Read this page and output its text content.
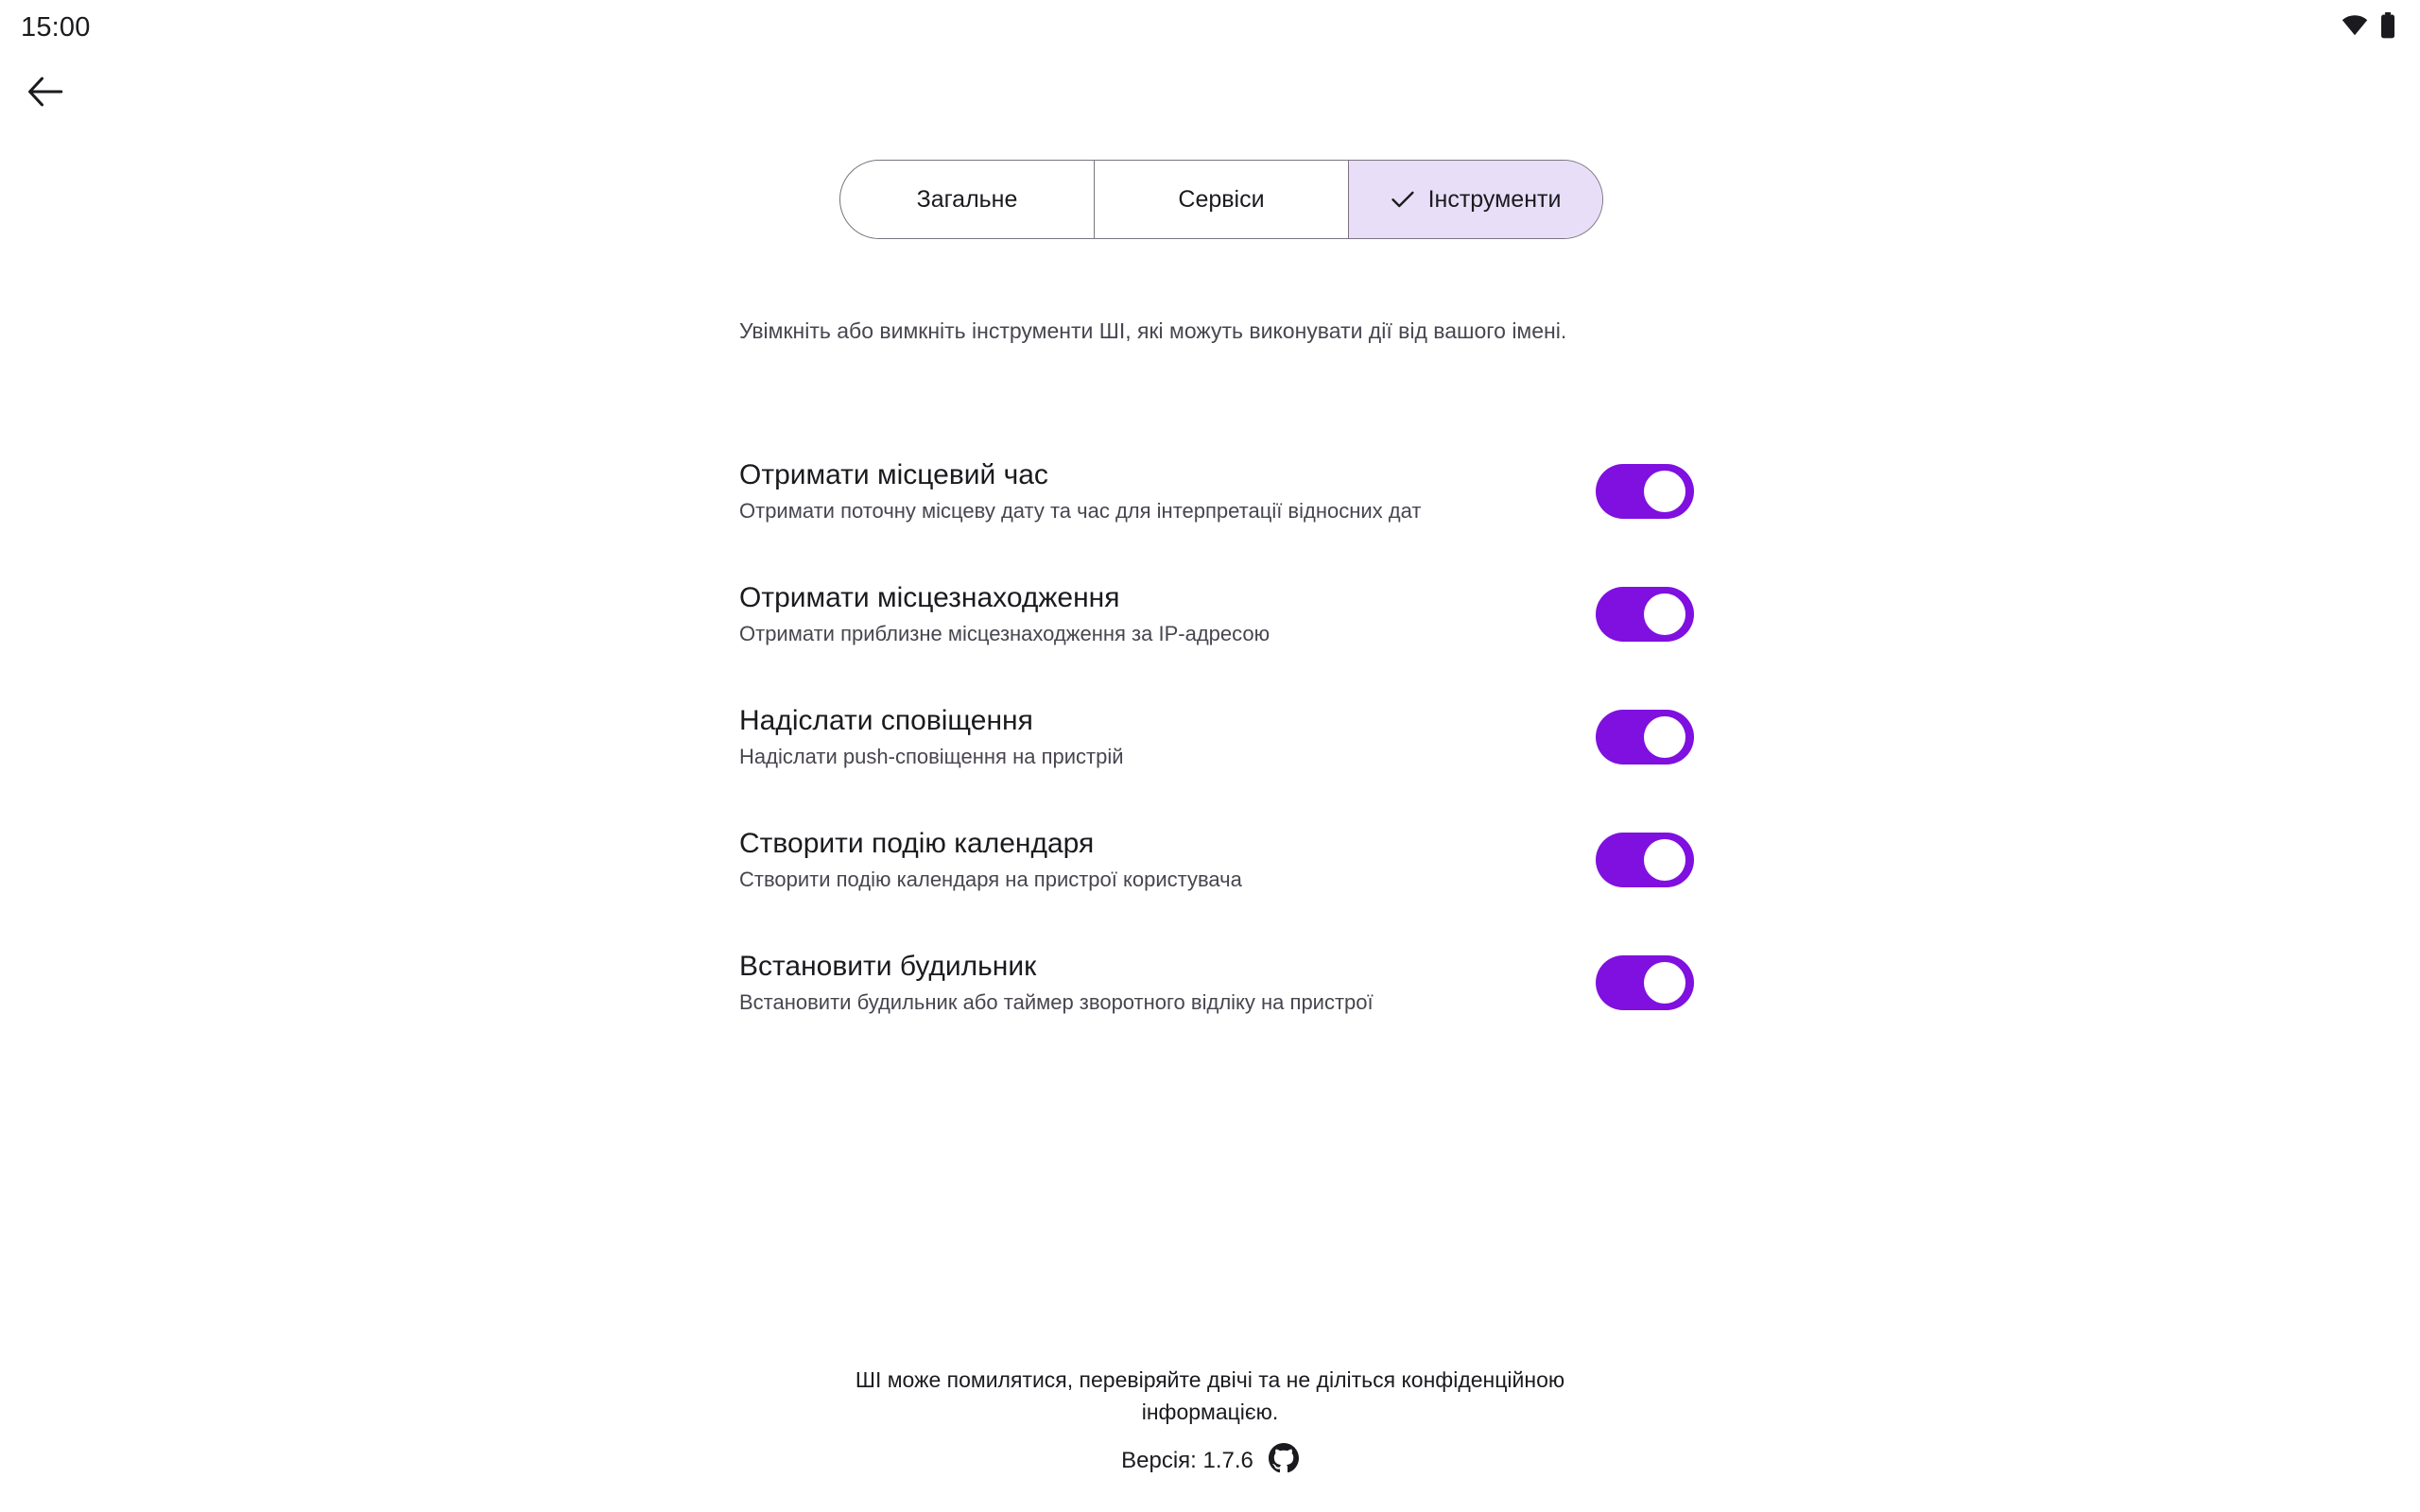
15:00
Загальне	Сервіси	Інструменти
Увімкніть або вимкніть інструменти ШІ, які можуть виконувати дії від вашого імені.
Отримати місцевий час
Отримати поточну місцеву дату та час для інтерпретації відносних дат
Отримати місцезнаходження
Отримати приблизне місцезнаходження за IP-адресою
Надіслати сповіщення
Надіслати push-сповіщення на пристрій
Створити подію календаря
Створити подію календаря на пристрої користувача
Встановити будильник
Встановити будильник або таймер зворотного відліку на пристрої
ШІ може помилятися, перевіряйте двічі та не діліться конфіденційною інформацією.
Версія: 1.7.6
